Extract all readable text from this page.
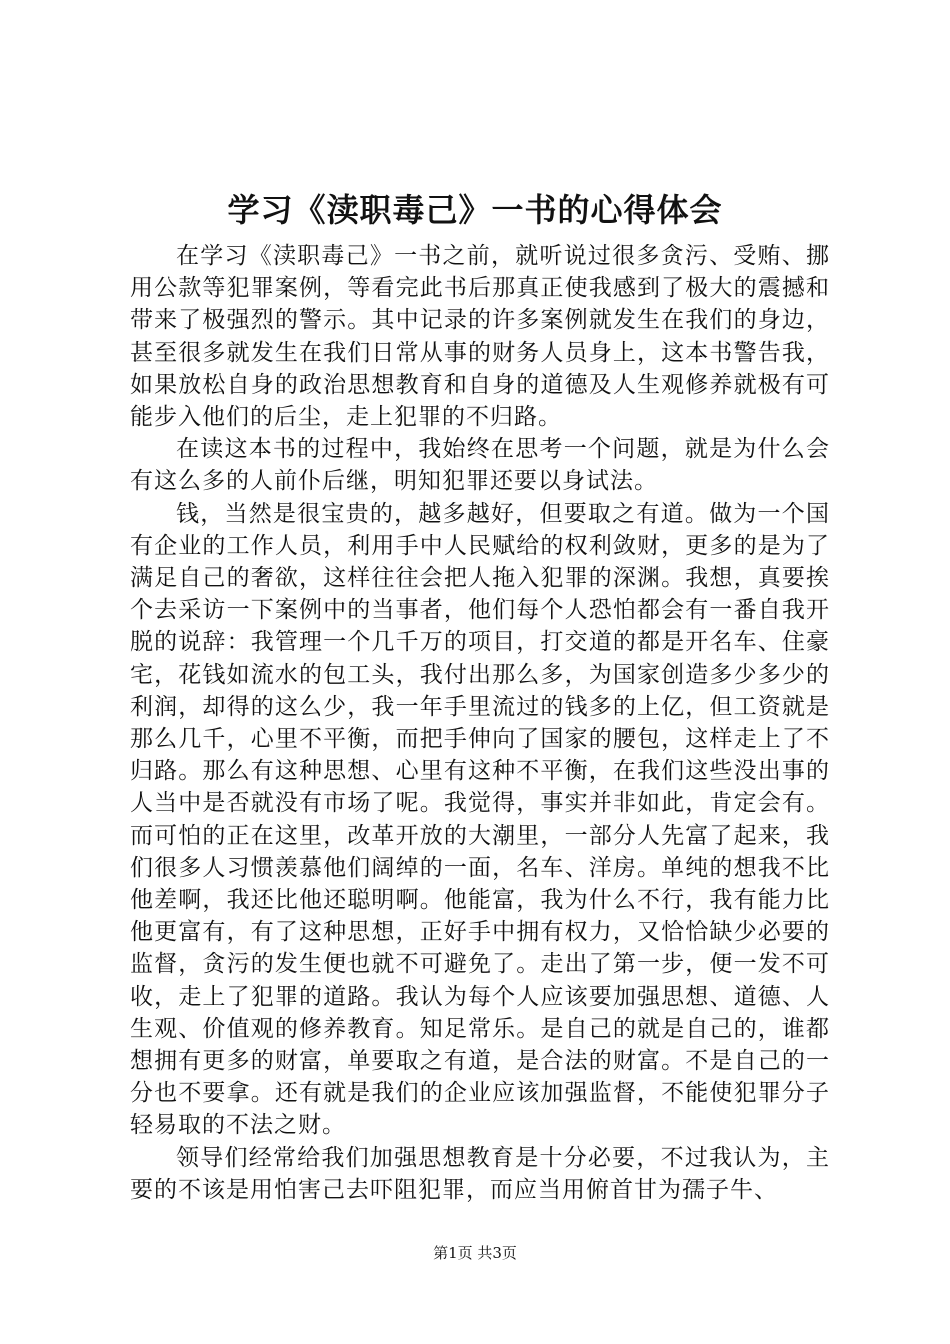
学习《渎职毒己》一书的心得体会

在学习《渎职毒己》一书之前，就听说过很多贪污、受贿、挪用公款等犯罪案例，等看完此书后那真正使我感到了极大的震撼和带来了极强烈的警示。其中记录的许多案例就发生在我们的身边，甚至很多就发生在我们日常从事的财务人员身上，这本书警告我，如果放松自身的政治思想教育和自身的道德及人生观修养就极有可能步入他们的后尘，走上犯罪的不归路。

在读这本书的过程中，我始终在思考一个问题，就是为什么会有这么多的人前仆后继，明知犯罪还要以身试法。

钱，当然是很宝贵的，越多越好，但要取之有道。做为一个国有企业的工作人员，利用手中人民赋给的权利敛财，更多的是为了满足自己的奢欲，这样往往会把人拖入犯罪的深渊。我想，真要挨个去采访一下案例中的当事者，他们每个人恐怕都会有一番自我开脱的说辞：我管理一个几千万的项目，打交道的都是开名车、住豪宅，花钱如流水的包工头，我付出那么多，为国家创造多少多少的利润，却得的这么少，我一年手里流过的钱多的上亿，但工资就是那么几千，心里不平衡，而把手伸向了国家的腰包，这样走上了不归路。那么有这种思想、心里有这种不平衡，在我们这些没出事的人当中是否就没有市场了呢。我觉得，事实并非如此，肯定会有。而可怕的正在这里，改革开放的大潮里，一部分人先富了起来，我们很多人习惯羡慕他们阔绰的一面，名车、洋房。单纯的想我不比他差啊，我还比他还聪明啊。他能富，我为什么不行，我有能力比他更富有，有了这种思想，正好手中拥有权力，又恰恰缺少必要的监督，贪污的发生便也就不可避免了。走出了第一步，便一发不可收，走上了犯罪的道路。我认为每个人应该要加强思想、道德、人生观、价值观的修养教育。知足常乐。是自己的就是自己的，谁都想拥有更多的财富，单要取之有道，是合法的财富。不是自己的一分也不要拿。还有就是我们的企业应该加强监督，不能使犯罪分子轻易取的不法之财。

领导们经常给我们加强思想教育是十分必要，不过我认为，主要的不该是用怕害己去吓阻犯罪，而应当用俯首甘为孺子牛、

第1页 共3页
